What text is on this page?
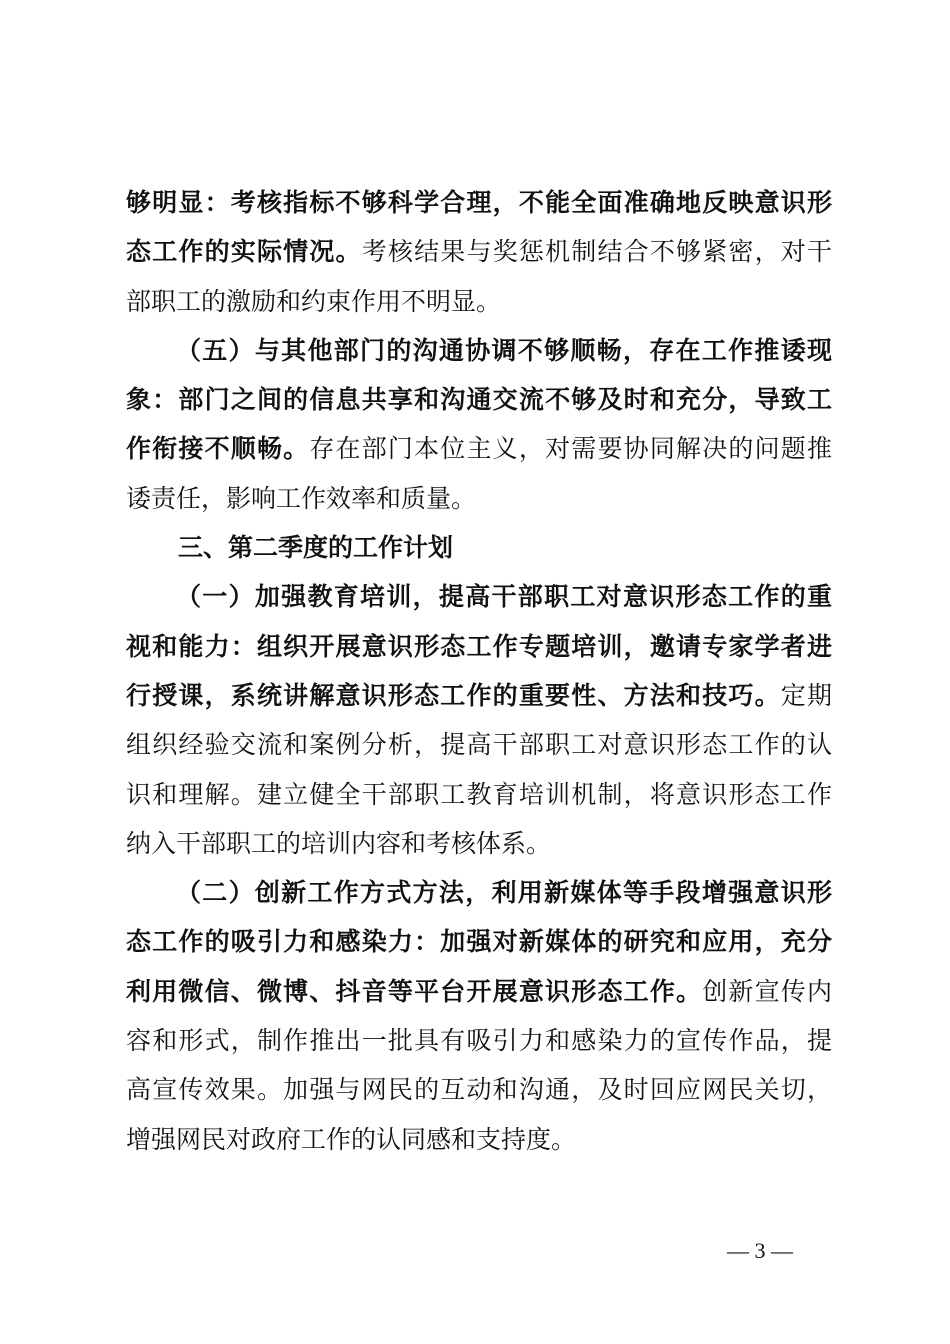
够明显：考核指标不够科学合理，不能全面准确地反映意识形
态工作的实际情况。考核结果与奖惩机制结合不够紧密，对干
部职工的激励和约束作用不明显。
（五）与其他部门的沟通协调不够顺畅，存在工作推诿现
象：部门之间的信息共享和沟通交流不够及时和充分，导致工
作衔接不顺畅。存在部门本位主义，对需要协同解决的问题推
诿责任，影响工作效率和质量。
三、第二季度的工作计划
（一）加强教育培训，提高干部职工对意识形态工作的重
视和能力：组织开展意识形态工作专题培训，邀请专家学者进
行授课，系统讲解意识形态工作的重要性、方法和技巧。定期
组织经验交流和案例分析，提高干部职工对意识形态工作的认
识和理解。建立健全干部职工教育培训机制，将意识形态工作
纳入干部职工的培训内容和考核体系。
（二）创新工作方式方法，利用新媒体等手段增强意识形
态工作的吸引力和感染力：加强对新媒体的研究和应用，充分
利用微信、微博、抖音等平台开展意识形态工作。创新宣传内
容和形式，制作推出一批具有吸引力和感染力的宣传作品，提
高宣传效果。加强与网民的互动和沟通，及时回应网民关切，
增强网民对政府工作的认同感和支持度。
— 3 —
